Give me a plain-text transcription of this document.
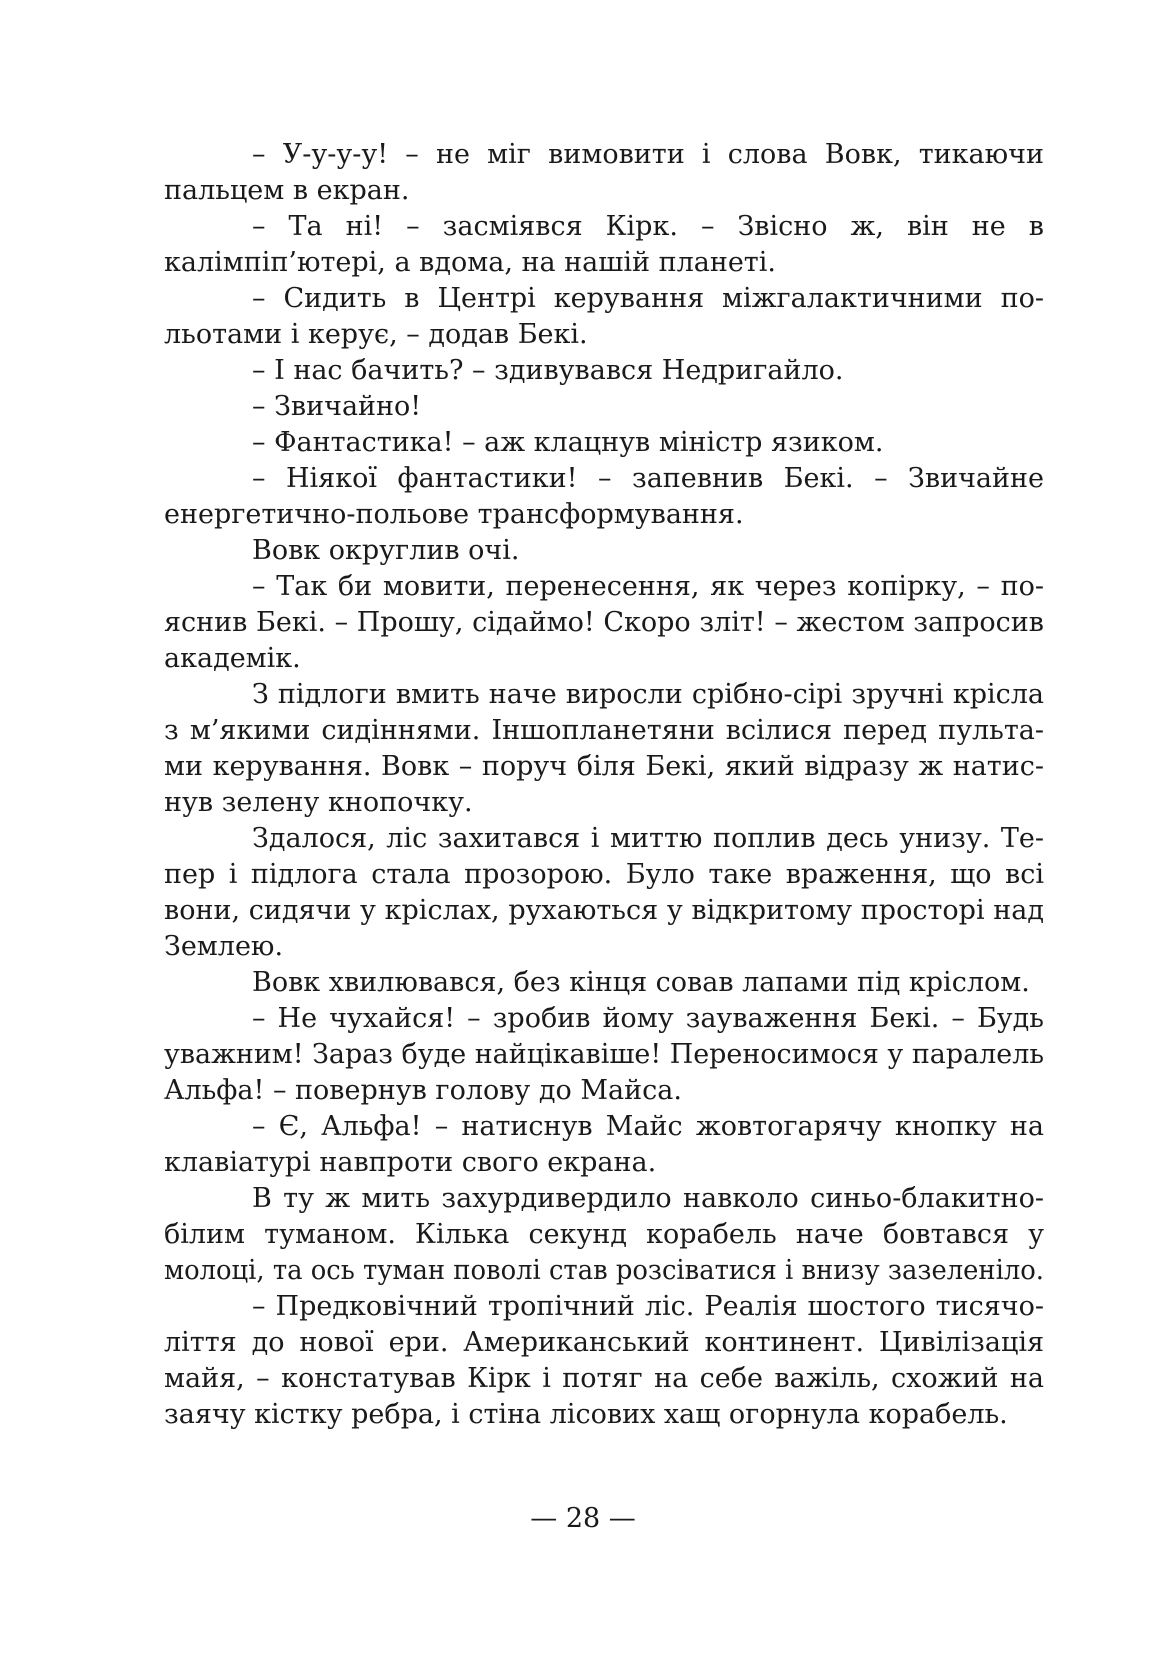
– У-у-у-у! – не міг вимовити і слова Вовк, тикаючи
пальцем в екран.
– Та ні! – засміявся Кірк. – Звісно ж, він не в
калімпіп’ютері, а вдома, на нашій планеті.
– Сидить в Центрі керування міжгалактичними по-
льотами і керує, – додав Бекі.
– І нас бачить? – здивувався Недригайло.
– Звичайно!
– Фантастика! – аж клацнув міністр язиком.
– Ніякої фантастики! – запевнив Бекі. – Звичайне
енергетично-польове трансформування.
Вовк округлив очі.
– Так би мовити, перенесення, як через копірку, – по-
яснив Бекі. – Прошу, сідаймо! Скоро зліт! – жестом запросив
академік.
З підлоги вмить наче виросли срібно-сірі зручні крісла
з м’якими сидіннями. Іншопланетяни всілися перед пульта-
ми керування. Вовк – поруч біля Бекі, який відразу ж натис-
нув зелену кнопочку.
Здалося, ліс захитався і миттю поплив десь унизу. Те-
пер і підлога стала прозорою. Було таке враження, що всі
вони, сидячи у кріслах, рухаються у відкритому просторі над
Землею.
Вовк хвилювався, без кінця совав лапами під кріслом.
– Не чухайся! – зробив йому зауваження Бекі. – Будь
уважним! Зараз буде найцікавіше! Переносимося у паралель
Альфа! – повернув голову до Майса.
– Є, Альфа! – натиснув Майс жовтогарячу кнопку на
клавіатурі навпроти свого екрана.
В ту ж мить захурдивердило навколо синьо-блакитно-
білим туманом. Кілька секунд корабель наче бовтався у
молоці, та ось туман поволі став розсіватися і внизу зазеленіло.
– Предковічний тропічний ліс. Реалія шостого тисячо-
ліття до нової ери. Американський континент. Цивілізація
майя, – констатував Кірк і потяг на себе важіль, схожий на
заячу кістку ребра, і стіна лісових хащ огорнула корабель.
— 28 —
